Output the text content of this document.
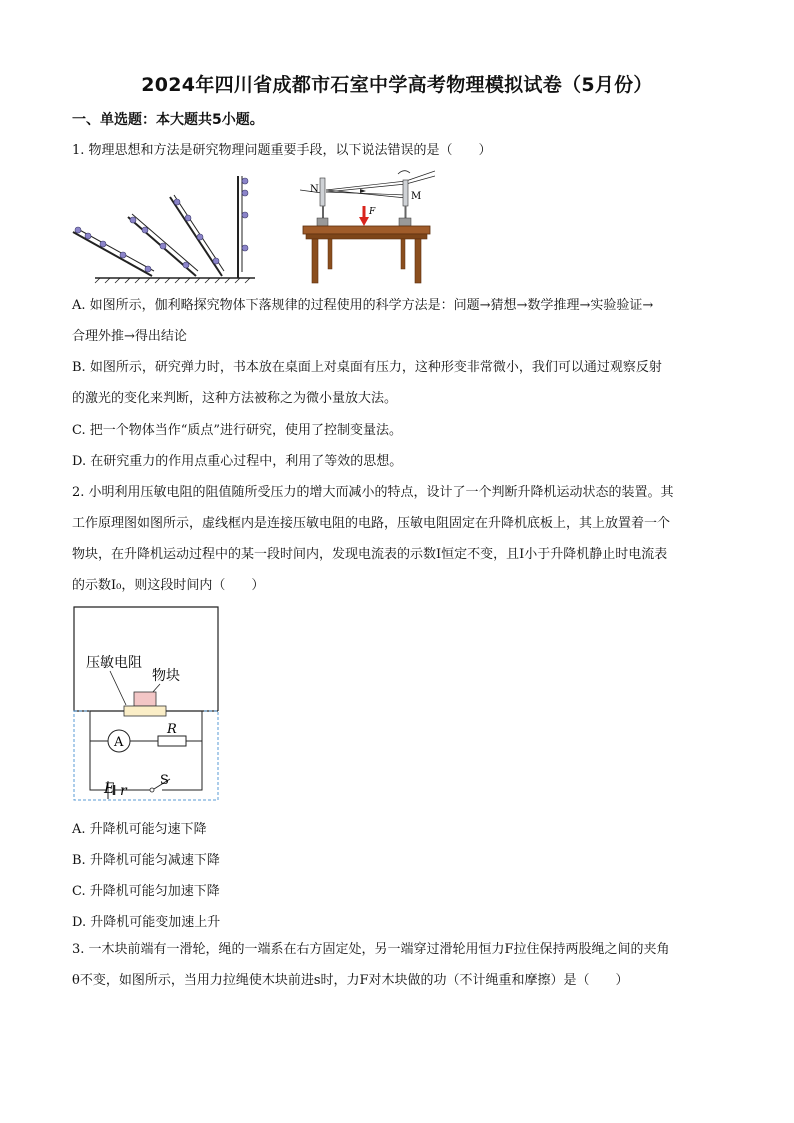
2024年四川省成都市石室中学高考物理模拟试卷（5月份）
一、单选题：本大题共5小题。
1. 物理思想和方法是研究物理问题重要手段，以下说法错误的是（　　）
N
M
F
A. 如图所示，伽利略探究物体下落规律的过程使用的科学方法是：问题→猜想→数学推理→实验验证→
合理外推→得出结论
B. 如图所示，研究弹力时，书本放在桌面上对桌面有压力，这种形变非常微小，我们可以通过观察反射
的激光的变化来判断，这种方法被称之为微小量放大法。
C. 把一个物体当作“质点”进行研究，使用了控制变量法。
D. 在研究重力的作用点重心过程中，利用了等效的思想。
2. 小明利用压敏电阻的阻值随所受压力的增大而减小的特点，设计了一个判断升降机运动状态的装置。其
工作原理图如图所示，虚线框内是连接压敏电阻的电路，压敏电阻固定在升降机底板上，其上放置着一个
物块，在升降机运动过程中的某一段时间内，发现电流表的示数I恒定不变，且I小于升降机静止时电流表
的示数I₀，则这段时间内（　　）
压敏电阻
物块
A
R
S
E r
A. 升降机可能匀速下降
B. 升降机可能匀减速下降
C. 升降机可能匀加速下降
D. 升降机可能变加速上升
3. 一木块前端有一滑轮，绳的一端系在右方固定处，另一端穿过滑轮用恒力F拉住保持两股绳之间的夹角
θ不变，如图所示，当用力拉绳使木块前进s时，力F对木块做的功（不计绳重和摩擦）是（　　）
